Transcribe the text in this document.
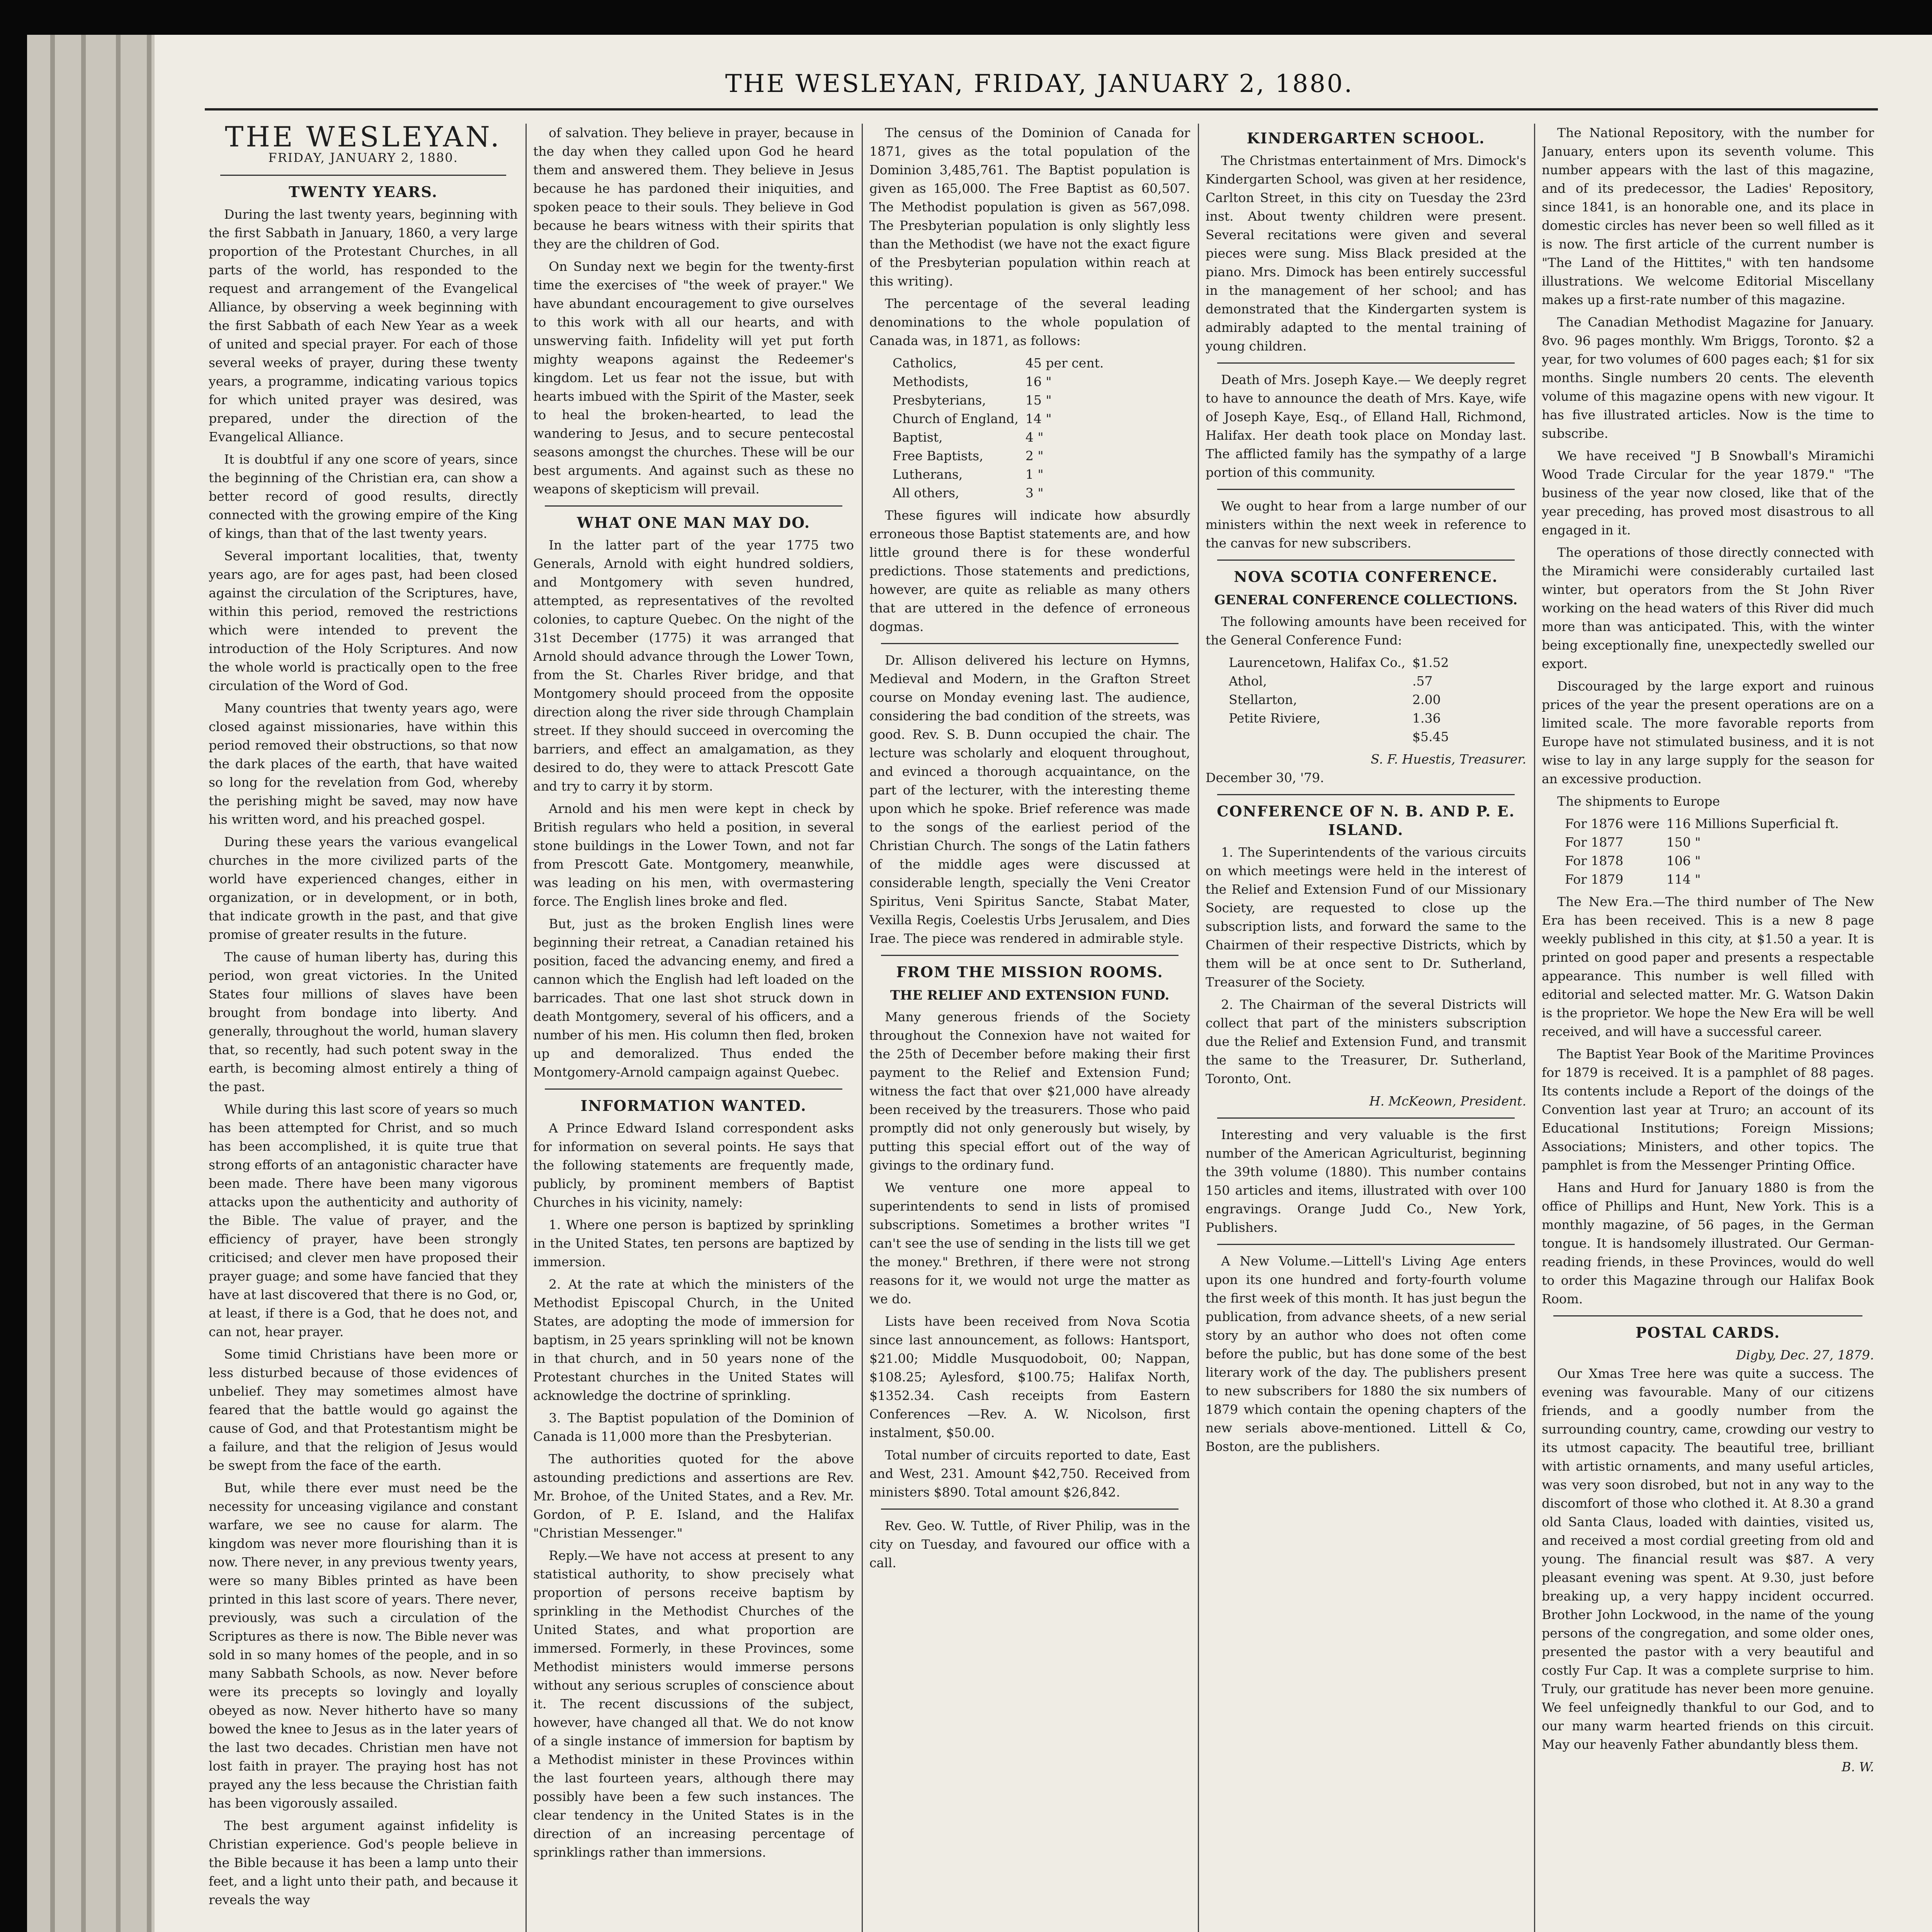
THE WESLEYAN, FRIDAY, JANUARY 2, 1880.
THE WESLEYAN.
FRIDAY, JANUARY 2, 1880.
TWENTY YEARS.

During the last twenty years, beginning with the first Sabbath in January, 1860, a very large proportion of the Protestant Churches, in all parts of the world, has responded to the request and arrangement of the Evangelical Alliance, by observing a week beginning with the first Sabbath of each New Year as a week of united and special prayer. For each of those several weeks of prayer, during these twenty years, a programme, indicating various topics for which united prayer was desired, was prepared, under the direction of the Evangelical Alliance.

It is doubtful if any one score of years, since the beginning of the Christian era, can show a better record of good results, directly connected with the growing empire of the King of kings, than that of the last twenty years.

Several important localities, that, twenty years ago, are for ages past, had been closed against the circulation of the Scriptures, have, within this period, removed the restrictions which were intended to prevent the introduction of the Holy Scriptures. And now the whole world is practically open to the free circulation of the Word of God.

Many countries that twenty years ago, were closed against missionaries, have within this period removed their obstructions, so that now the dark places of the earth, that have waited so long for the revelation from God, whereby the perishing might be saved, may now have his written word, and his preached gospel.

During these years the various evangelical churches in the more civilized parts of the world have experienced changes, either in organization, or in development, or in both, that indicate growth in the past, and that give promise of greater results in the future.

The cause of human liberty has, during this period, won great victories. In the United States four millions of slaves have been brought from bondage into liberty. And generally, throughout the world, human slavery that, so recently, had such potent sway in the earth, is becoming almost entirely a thing of the past.

While during this last score of years so much has been attempted for Christ, and so much has been accomplished, it is quite true that strong efforts of an antagonistic character have been made. There have been many vigorous attacks upon the authenticity and authority of the Bible. The value of prayer, and the efficiency of prayer, have been strongly criticised; and clever men have proposed their prayer guage; and some have fancied that they have at last discovered that there is no God, or, at least, if there is a God, that he does not, and can not, hear prayer.

Some timid Christians have been more or less disturbed because of those evidences of unbelief. They may sometimes almost have feared that the battle would go against the cause of God, and that Protestantism might be a failure, and that the religion of Jesus would be swept from the face of the earth.

But, while there ever must need be the necessity for unceasing vigilance and constant warfare, we see no cause for alarm. The kingdom was never more flourishing than it is now. There never, in any previous twenty years, were so many Bibles printed as have been printed in this last score of years. There never, previously, was such a circulation of the Scriptures as there is now. The Bible never was sold in so many homes of the people, and in so many Sabbath Schools, as now. Never before were its precepts so lovingly and loyally obeyed as now. Never hitherto have so many bowed the knee to Jesus as in the later years of the last two decades. Christian men have not lost faith in prayer. The praying host has not prayed any the less because the Christian faith has been vigorously assailed.

The best argument against infidelity is Christian experience. God's people believe in the Bible because it has been a lamp unto their feet, and a light unto their path, and because it reveals the way

of salvation. They believe in prayer, because in the day when they called upon God he heard them and answered them. They believe in Jesus because he has pardoned their iniquities, and spoken peace to their souls. They believe in God because he bears witness with their spirits that they are the children of God.

On Sunday next we begin for the twenty-first time the exercises of "the week of prayer." We have abundant encouragement to give ourselves to this work with all our hearts, and with unswerving faith. Infidelity will yet put forth mighty weapons against the Redeemer's kingdom. Let us fear not the issue, but with hearts imbued with the Spirit of the Master, seek to heal the broken-hearted, to lead the wandering to Jesus, and to secure pentecostal seasons amongst the churches. These will be our best arguments. And against such as these no weapons of skepticism will prevail.

WHAT ONE MAN MAY DO.

In the latter part of the year 1775 two Generals, Arnold with eight hundred soldiers, and Montgomery with seven hundred, attempted, as representatives of the revolted colonies, to capture Quebec. On the night of the 31st December (1775) it was arranged that Arnold should advance through the Lower Town, from the St. Charles River bridge, and that Montgomery should proceed from the opposite direction along the river side through Champlain street. If they should succeed in overcoming the barriers, and effect an amalgamation, as they desired to do, they were to attack Prescott Gate and try to carry it by storm.

Arnold and his men were kept in check by British regulars who held a position, in several stone buildings in the Lower Town, and not far from Prescott Gate. Montgomery, meanwhile, was leading on his men, with overmastering force. The English lines broke and fled.

But, just as the broken English lines were beginning their retreat, a Canadian retained his position, faced the advancing enemy, and fired a cannon which the English had left loaded on the barricades. That one last shot struck down in death Montgomery, several of his officers, and a number of his men. His column then fled, broken up and demoralized. Thus ended the Montgomery-Arnold campaign against Quebec.

INFORMATION WANTED.

A Prince Edward Island correspondent asks for information on several points. He says that the following statements are frequently made, publicly, by prominent members of Baptist Churches in his vicinity, namely:

1. Where one person is baptized by sprinkling in the United States, ten persons are baptized by immersion.

2. At the rate at which the ministers of the Methodist Episcopal Church, in the United States, are adopting the mode of immersion for baptism, in 25 years sprinkling will not be known in that church, and in 50 years none of the Protestant churches in the United States will acknowledge the doctrine of sprinkling.

3. The Baptist population of the Dominion of Canada is 11,000 more than the Presbyterian.

The authorities quoted for the above astounding predictions and assertions are Rev. Mr. Brohoe, of the United States, and a Rev. Mr. Gordon, of P. E. Island, and the Halifax "Christian Messenger."

Reply.—We have not access at present to any statistical authority, to show precisely what proportion of persons receive baptism by sprinkling in the Methodist Churches of the United States, and what proportion are immersed. Formerly, in these Provinces, some Methodist ministers would immerse persons without any serious scruples of conscience about it. The recent discussions of the subject, however, have changed all that. We do not know of a single instance of immersion for baptism by a Methodist minister in these Provinces within the last fourteen years, although there may possibly have been a few such instances. The clear tendency in the United States is in the direction of an increasing percentage of sprinklings rather than immersions.

The census of the Dominion of Canada for 1871, gives as the total population of the Dominion 3,485,761. The Baptist population is given as 165,000. The Free Baptist as 60,507. The Methodist population is given as 567,098. The Presbyterian population is only slightly less than the Methodist (we have not the exact figure of the Presbyterian population within reach at this writing).

The percentage of the several leading denominations to the whole population of Canada was, in 1871, as follows:

Catholics,	45 per cent.
Methodists,	16 "
Presbyterians,	15 "
Church of England,	14 "
Baptist,	4 "
Free Baptists,	2 "
Lutherans,	1 "
All others,	3 "

These figures will indicate how absurdly erroneous those Baptist statements are, and how little ground there is for these wonderful predictions. Those statements and predictions, however, are quite as reliable as many others that are uttered in the defence of erroneous dogmas.

Dr. Allison delivered his lecture on Hymns, Medieval and Modern, in the Grafton Street course on Monday evening last. The audience, considering the bad condition of the streets, was good. Rev. S. B. Dunn occupied the chair. The lecture was scholarly and eloquent throughout, and evinced a thorough acquaintance, on the part of the lecturer, with the interesting theme upon which he spoke. Brief reference was made to the songs of the earliest period of the Christian Church. The songs of the Latin fathers of the middle ages were discussed at considerable length, specially the Veni Creator Spiritus, Veni Spiritus Sancte, Stabat Mater, Vexilla Regis, Coelestis Urbs Jerusalem, and Dies Irae. The piece was rendered in admirable style.

FROM THE MISSION ROOMS.
THE RELIEF AND EXTENSION FUND.

Many generous friends of the Society throughout the Connexion have not waited for the 25th of December before making their first payment to the Relief and Extension Fund; witness the fact that over $21,000 have already been received by the treasurers. Those who paid promptly did not only generously but wisely, by putting this special effort out of the way of givings to the ordinary fund.

We venture one more appeal to superintendents to send in lists of promised subscriptions. Sometimes a brother writes "I can't see the use of sending in the lists till we get the money." Brethren, if there were not strong reasons for it, we would not urge the matter as we do.

Lists have been received from Nova Scotia since last announcement, as follows: Hantsport, $21.00; Middle Musquodoboit, 00; Nappan, $108.25; Aylesford, $100.75; Halifax North, $1352.34. Cash receipts from Eastern Conferences —Rev. A. W. Nicolson, first instalment, $50.00.

Total number of circuits reported to date, East and West, 231. Amount $42,750. Received from ministers $890. Total amount $26,842.

Rev. Geo. W. Tuttle, of River Philip, was in the city on Tuesday, and favoured our office with a call.

KINDERGARTEN SCHOOL.

The Christmas entertainment of Mrs. Dimock's Kindergarten School, was given at her residence, Carlton Street, in this city on Tuesday the 23rd inst. About twenty children were present. Several recitations were given and several pieces were sung. Miss Black presided at the piano. Mrs. Dimock has been entirely successful in the management of her school; and has demonstrated that the Kindergarten system is admirably adapted to the mental training of young children.

Death of Mrs. Joseph Kaye.— We deeply regret to have to announce the death of Mrs. Kaye, wife of Joseph Kaye, Esq., of Elland Hall, Richmond, Halifax. Her death took place on Monday last. The afflicted family has the sympathy of a large portion of this community.

We ought to hear from a large number of our ministers within the next week in reference to the canvas for new subscribers.

NOVA SCOTIA CONFERENCE.
GENERAL CONFERENCE COLLECTIONS.

The following amounts have been received for the General Conference Fund:

Laurencetown, Halifax Co.,	$1.52
Athol,	.57
Stellarton,	2.00
Petite Riviere,	1.36
	$5.45
S. F. Huestis, Treasurer.
December 30, '79.
CONFERENCE OF N. B. AND P. E. ISLAND.

1. The Superintendents of the various circuits on which meetings were held in the interest of the Relief and Extension Fund of our Missionary Society, are requested to close up the subscription lists, and forward the same to the Chairmen of their respective Districts, which by them will be at once sent to Dr. Sutherland, Treasurer of the Society.

2. The Chairman of the several Districts will collect that part of the ministers subscription due the Relief and Extension Fund, and transmit the same to the Treasurer, Dr. Sutherland, Toronto, Ont.

H. McKeown, President.

Interesting and very valuable is the first number of the American Agriculturist, beginning the 39th volume (1880). This number contains 150 articles and items, illustrated with over 100 engravings. Orange Judd Co., New York, Publishers.

A New Volume.—Littell's Living Age enters upon its one hundred and forty-fourth volume the first week of this month. It has just begun the publication, from advance sheets, of a new serial story by an author who does not often come before the public, but has done some of the best literary work of the day. The publishers present to new subscribers for 1880 the six numbers of 1879 which contain the opening chapters of the new serials above-mentioned. Littell & Co, Boston, are the publishers.

The National Repository, with the number for January, enters upon its seventh volume. This number appears with the last of this magazine, and of its predecessor, the Ladies' Repository, since 1841, is an honorable one, and its place in domestic circles has never been so well filled as it is now. The first article of the current number is "The Land of the Hittites," with ten handsome illustrations. We welcome Editorial Miscellany makes up a first-rate number of this magazine.

The Canadian Methodist Magazine for January. 8vo. 96 pages monthly. Wm Briggs, Toronto. $2 a year, for two volumes of 600 pages each; $1 for six months. Single numbers 20 cents. The eleventh volume of this magazine opens with new vigour. It has five illustrated articles. Now is the time to subscribe.

We have received "J B Snowball's Miramichi Wood Trade Circular for the year 1879." "The business of the year now closed, like that of the year preceding, has proved most disastrous to all engaged in it.

The operations of those directly connected with the Miramichi were considerably curtailed last winter, but operators from the St John River working on the head waters of this River did much more than was anticipated. This, with the winter being exceptionally fine, unexpectedly swelled our export.

Discouraged by the large export and ruinous prices of the year the present operations are on a limited scale. The more favorable reports from Europe have not stimulated business, and it is not wise to lay in any large supply for the season for an excessive production.

The shipments to Europe

For 1876 were	116 Millions Superficial ft.
For 1877	150 "
For 1878	106 "
For 1879	114 "

The New Era.—The third number of The New Era has been received. This is a new 8 page weekly published in this city, at $1.50 a year. It is printed on good paper and presents a respectable appearance. This number is well filled with editorial and selected matter. Mr. G. Watson Dakin is the proprietor. We hope the New Era will be well received, and will have a successful career.

The Baptist Year Book of the Maritime Provinces for 1879 is received. It is a pamphlet of 88 pages. Its contents include a Report of the doings of the Convention last year at Truro; an account of its Educational Institutions; Foreign Missions; Associations; Ministers, and other topics. The pamphlet is from the Messenger Printing Office.

Hans and Hurd for January 1880 is from the office of Phillips and Hunt, New York. This is a monthly magazine, of 56 pages, in the German tongue. It is handsomely illustrated. Our German-reading friends, in these Provinces, would do well to order this Magazine through our Halifax Book Room.

POSTAL CARDS.
Digby, Dec. 27, 1879.

Our Xmas Tree here was quite a success. The evening was favourable. Many of our citizens friends, and a goodly number from the surrounding country, came, crowding our vestry to its utmost capacity. The beautiful tree, brilliant with artistic ornaments, and many useful articles, was very soon disrobed, but not in any way to the discomfort of those who clothed it. At 8.30 a grand old Santa Claus, loaded with dainties, visited us, and received a most cordial greeting from old and young. The financial result was $87. A very pleasant evening was spent. At 9.30, just before breaking up, a very happy incident occurred. Brother John Lockwood, in the name of the young persons of the congregation, and some older ones, presented the pastor with a very beautiful and costly Fur Cap. It was a complete surprise to him. Truly, our gratitude has never been more genuine. We feel unfeignedly thankful to our God, and to our many warm hearted friends on this circuit. May our heavenly Father abundantly bless them.

B. W.
